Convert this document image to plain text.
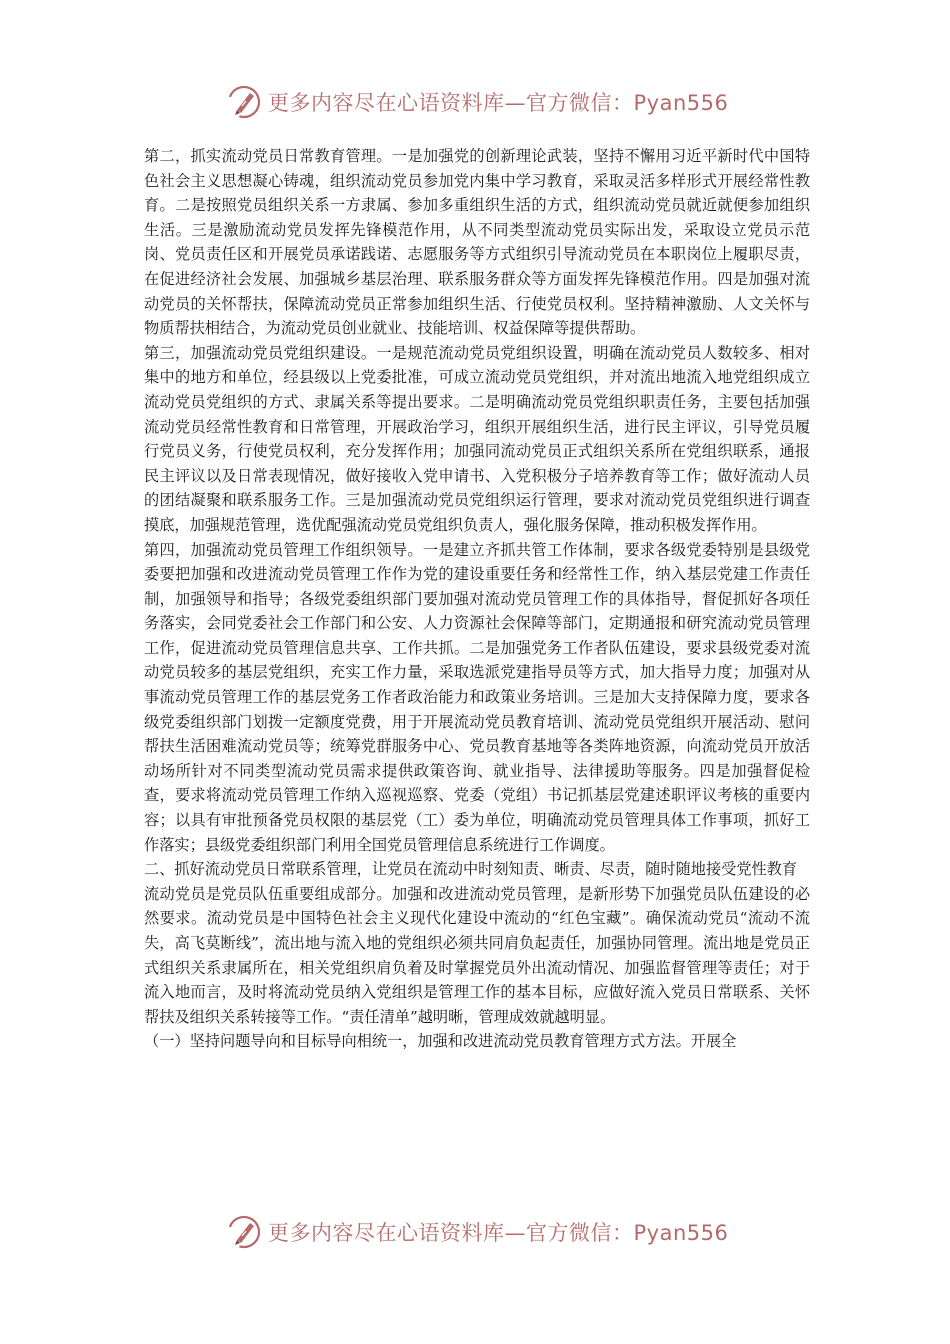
更多内容尽在心语资料库—官方微信：Pyan556

第二，抓实流动党员日常教育管理。一是加强党的创新理论武装，坚持不懈用习近平新时代中国特色社会主义思想凝心铸魂，组织流动党员参加党内集中学习教育，采取灵活多样形式开展经常性教育。二是按照党员组织关系一方隶属、参加多重组织生活的方式，组织流动党员就近就便参加组织生活。三是激励流动党员发挥先锋模范作用，从不同类型流动党员实际出发，采取设立党员示范岗、党员责任区和开展党员承诺践诺、志愿服务等方式组织引导流动党员在本职岗位上履职尽责，在促进经济社会发展、加强城乡基层治理、联系服务群众等方面发挥先锋模范作用。四是加强对流动党员的关怀帮扶，保障流动党员正常参加组织生活、行使党员权利。坚持精神激励、人文关怀与物质帮扶相结合，为流动党员创业就业、技能培训、权益保障等提供帮助。

第三，加强流动党员党组织建设。一是规范流动党员党组织设置，明确在流动党员人数较多、相对集中的地方和单位，经县级以上党委批准，可成立流动党员党组织，并对流出地流入地党组织成立流动党员党组织的方式、隶属关系等提出要求。二是明确流动党员党组织职责任务，主要包括加强流动党员经常性教育和日常管理，开展政治学习，组织开展组织生活，进行民主评议，引导党员履行党员义务，行使党员权利，充分发挥作用；加强同流动党员正式组织关系所在党组织联系，通报民主评议以及日常表现情况，做好接收入党申请书、入党积极分子培养教育等工作；做好流动人员的团结凝聚和联系服务工作。三是加强流动党员党组织运行管理，要求对流动党员党组织进行调查摸底，加强规范管理，选优配强流动党员党组织负责人，强化服务保障，推动积极发挥作用。

第四，加强流动党员管理工作组织领导。一是建立齐抓共管工作体制，要求各级党委特别是县级党委要把加强和改进流动党员管理工作作为党的建设重要任务和经常性工作，纳入基层党建工作责任制，加强领导和指导；各级党委组织部门要加强对流动党员管理工作的具体指导，督促抓好各项任务落实，会同党委社会工作部门和公安、人力资源社会保障等部门，定期通报和研究流动党员管理工作，促进流动党员管理信息共享、工作共抓。二是加强党务工作者队伍建设，要求县级党委对流动党员较多的基层党组织，充实工作力量，采取选派党建指导员等方式，加大指导力度；加强对从事流动党员管理工作的基层党务工作者政治能力和政策业务培训。三是加大支持保障力度，要求各级党委组织部门划拨一定额度党费，用于开展流动党员教育培训、流动党员党组织开展活动、慰问帮扶生活困难流动党员等；统筹党群服务中心、党员教育基地等各类阵地资源，向流动党员开放活动场所针对不同类型流动党员需求提供政策咨询、就业指导、法律援助等服务。四是加强督促检查，要求将流动党员管理工作纳入巡视巡察、党委（党组）书记抓基层党建述职评议考核的重要内容；以具有审批预备党员权限的基层党（工）委为单位，明确流动党员管理具体工作事项，抓好工作落实；县级党委组织部门利用全国党员管理信息系统进行工作调度。

二、抓好流动党员日常联系管理，让党员在流动中时刻知责、晰责、尽责，随时随地接受党性教育

流动党员是党员队伍重要组成部分。加强和改进流动党员管理，是新形势下加强党员队伍建设的必然要求。流动党员是中国特色社会主义现代化建设中流动的“红色宝藏”。确保流动党员“流动不流失，高飞莫断线”，流出地与流入地的党组织必须共同肩负起责任，加强协同管理。流出地是党员正式组织关系隶属所在，相关党组织肩负着及时掌握党员外出流动情况、加强监督管理等责任；对于流入地而言，及时将流动党员纳入党组织是管理工作的基本目标，应做好流入党员日常联系、关怀帮扶及组织关系转接等工作。“责任清单”越明晰，管理成效就越明显。

（一）坚持问题导向和目标导向相统一，加强和改进流动党员教育管理方式方法。开展全

更多内容尽在心语资料库—官方微信：Pyan556
